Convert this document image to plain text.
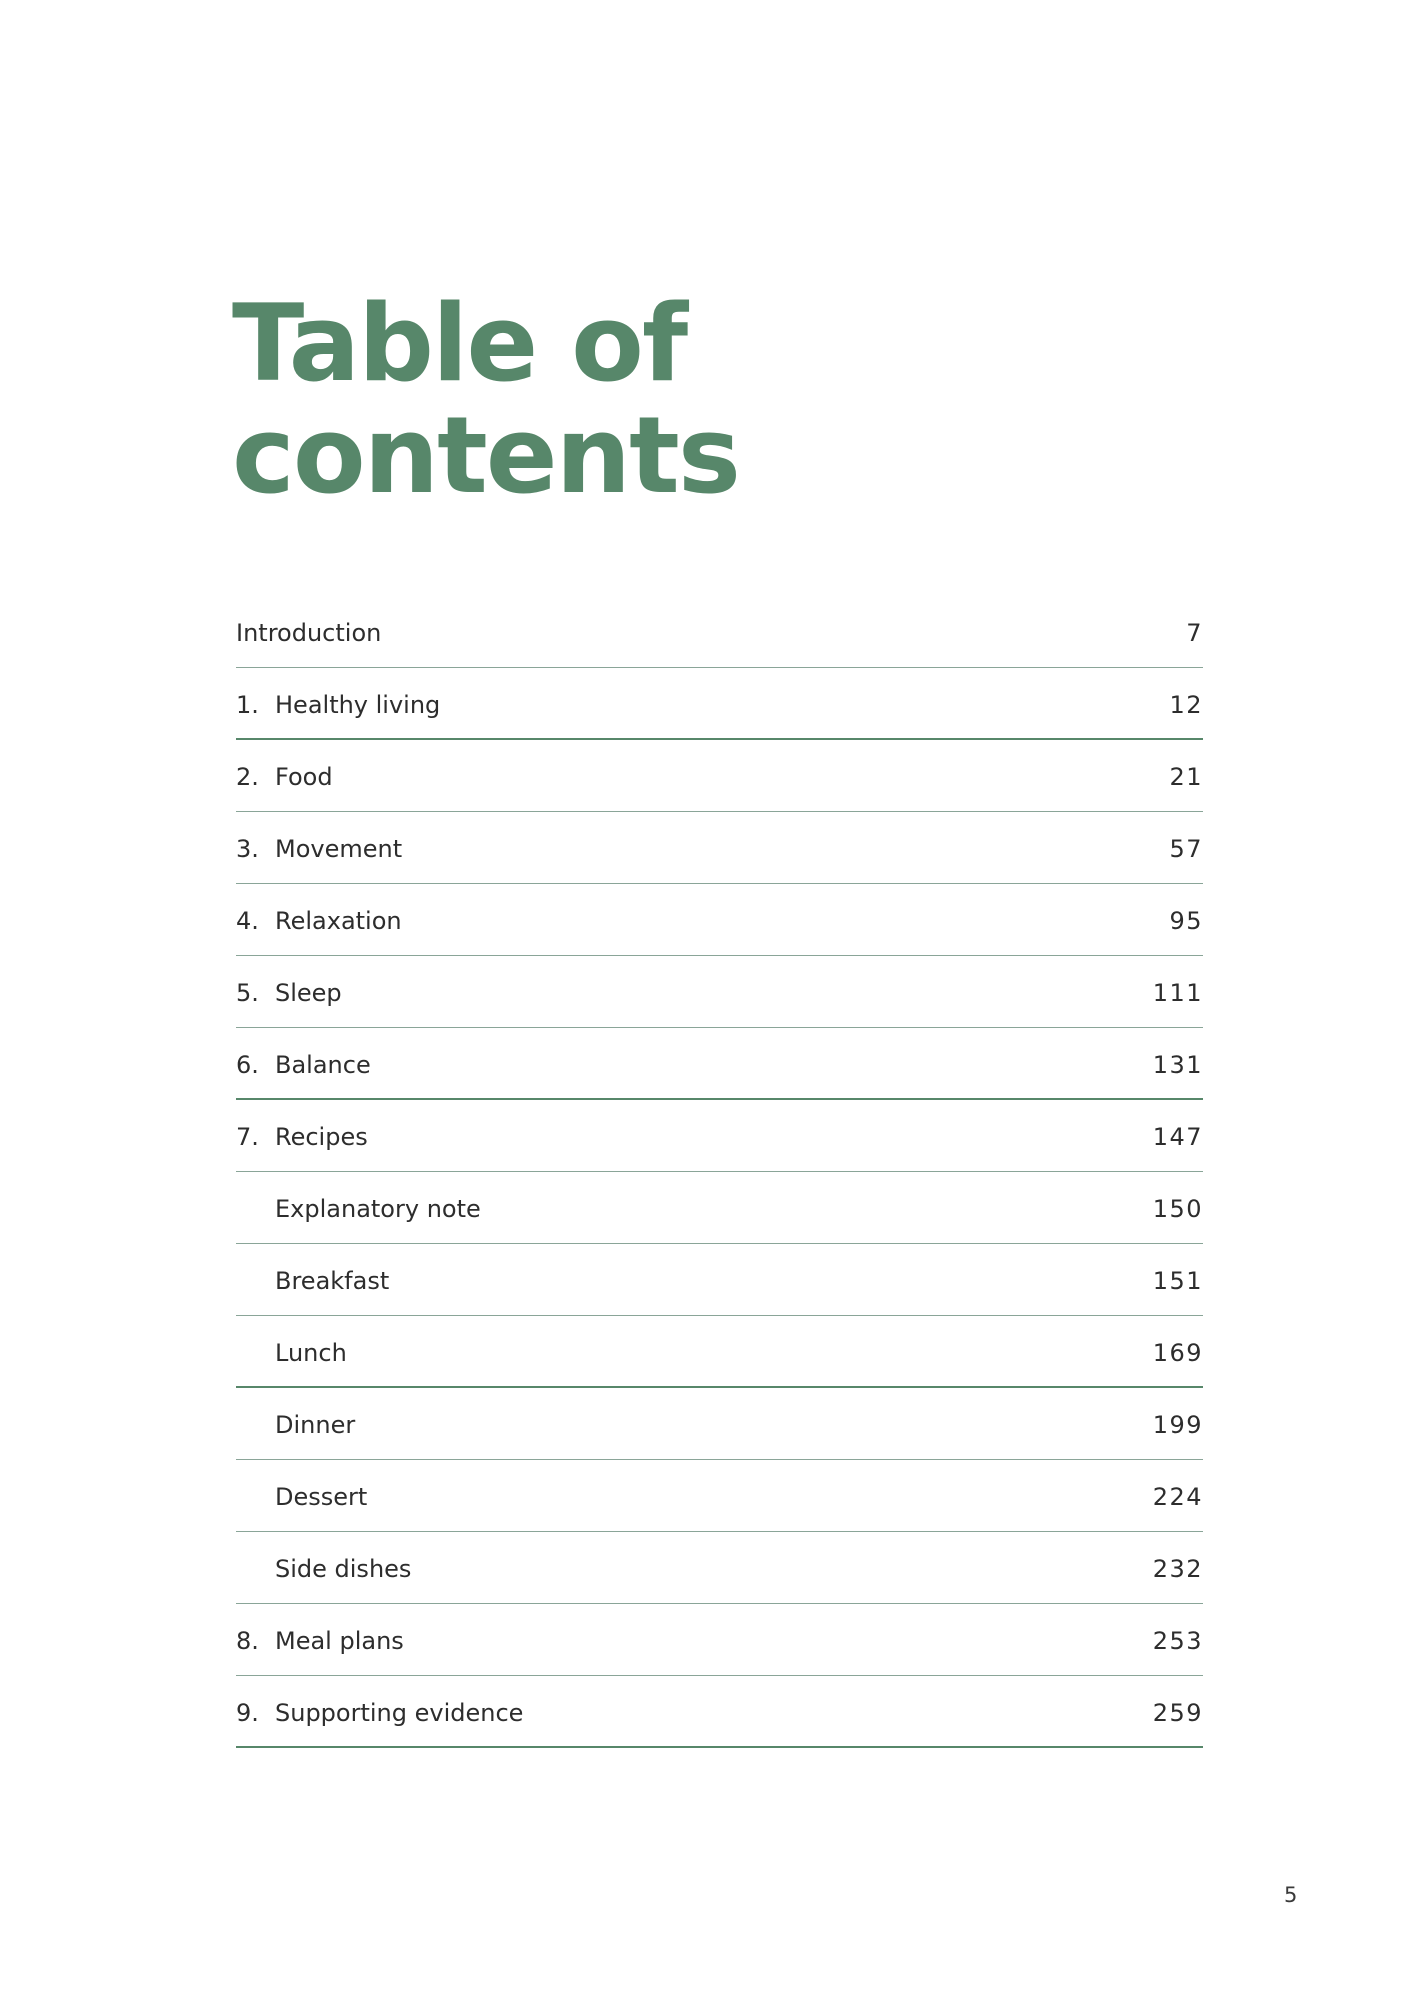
Table of
contents
Introduction	7
1. Healthy living	12
2. Food	21
3. Movement	57
4. Relaxation	95
5. Sleep	111
6. Balance	131
7. Recipes	147
Explanatory note	150
Breakfast	151
Lunch	169
Dinner	199
Dessert	224
Side dishes	232
8. Meal plans	253
9. Supporting evidence	259
5
